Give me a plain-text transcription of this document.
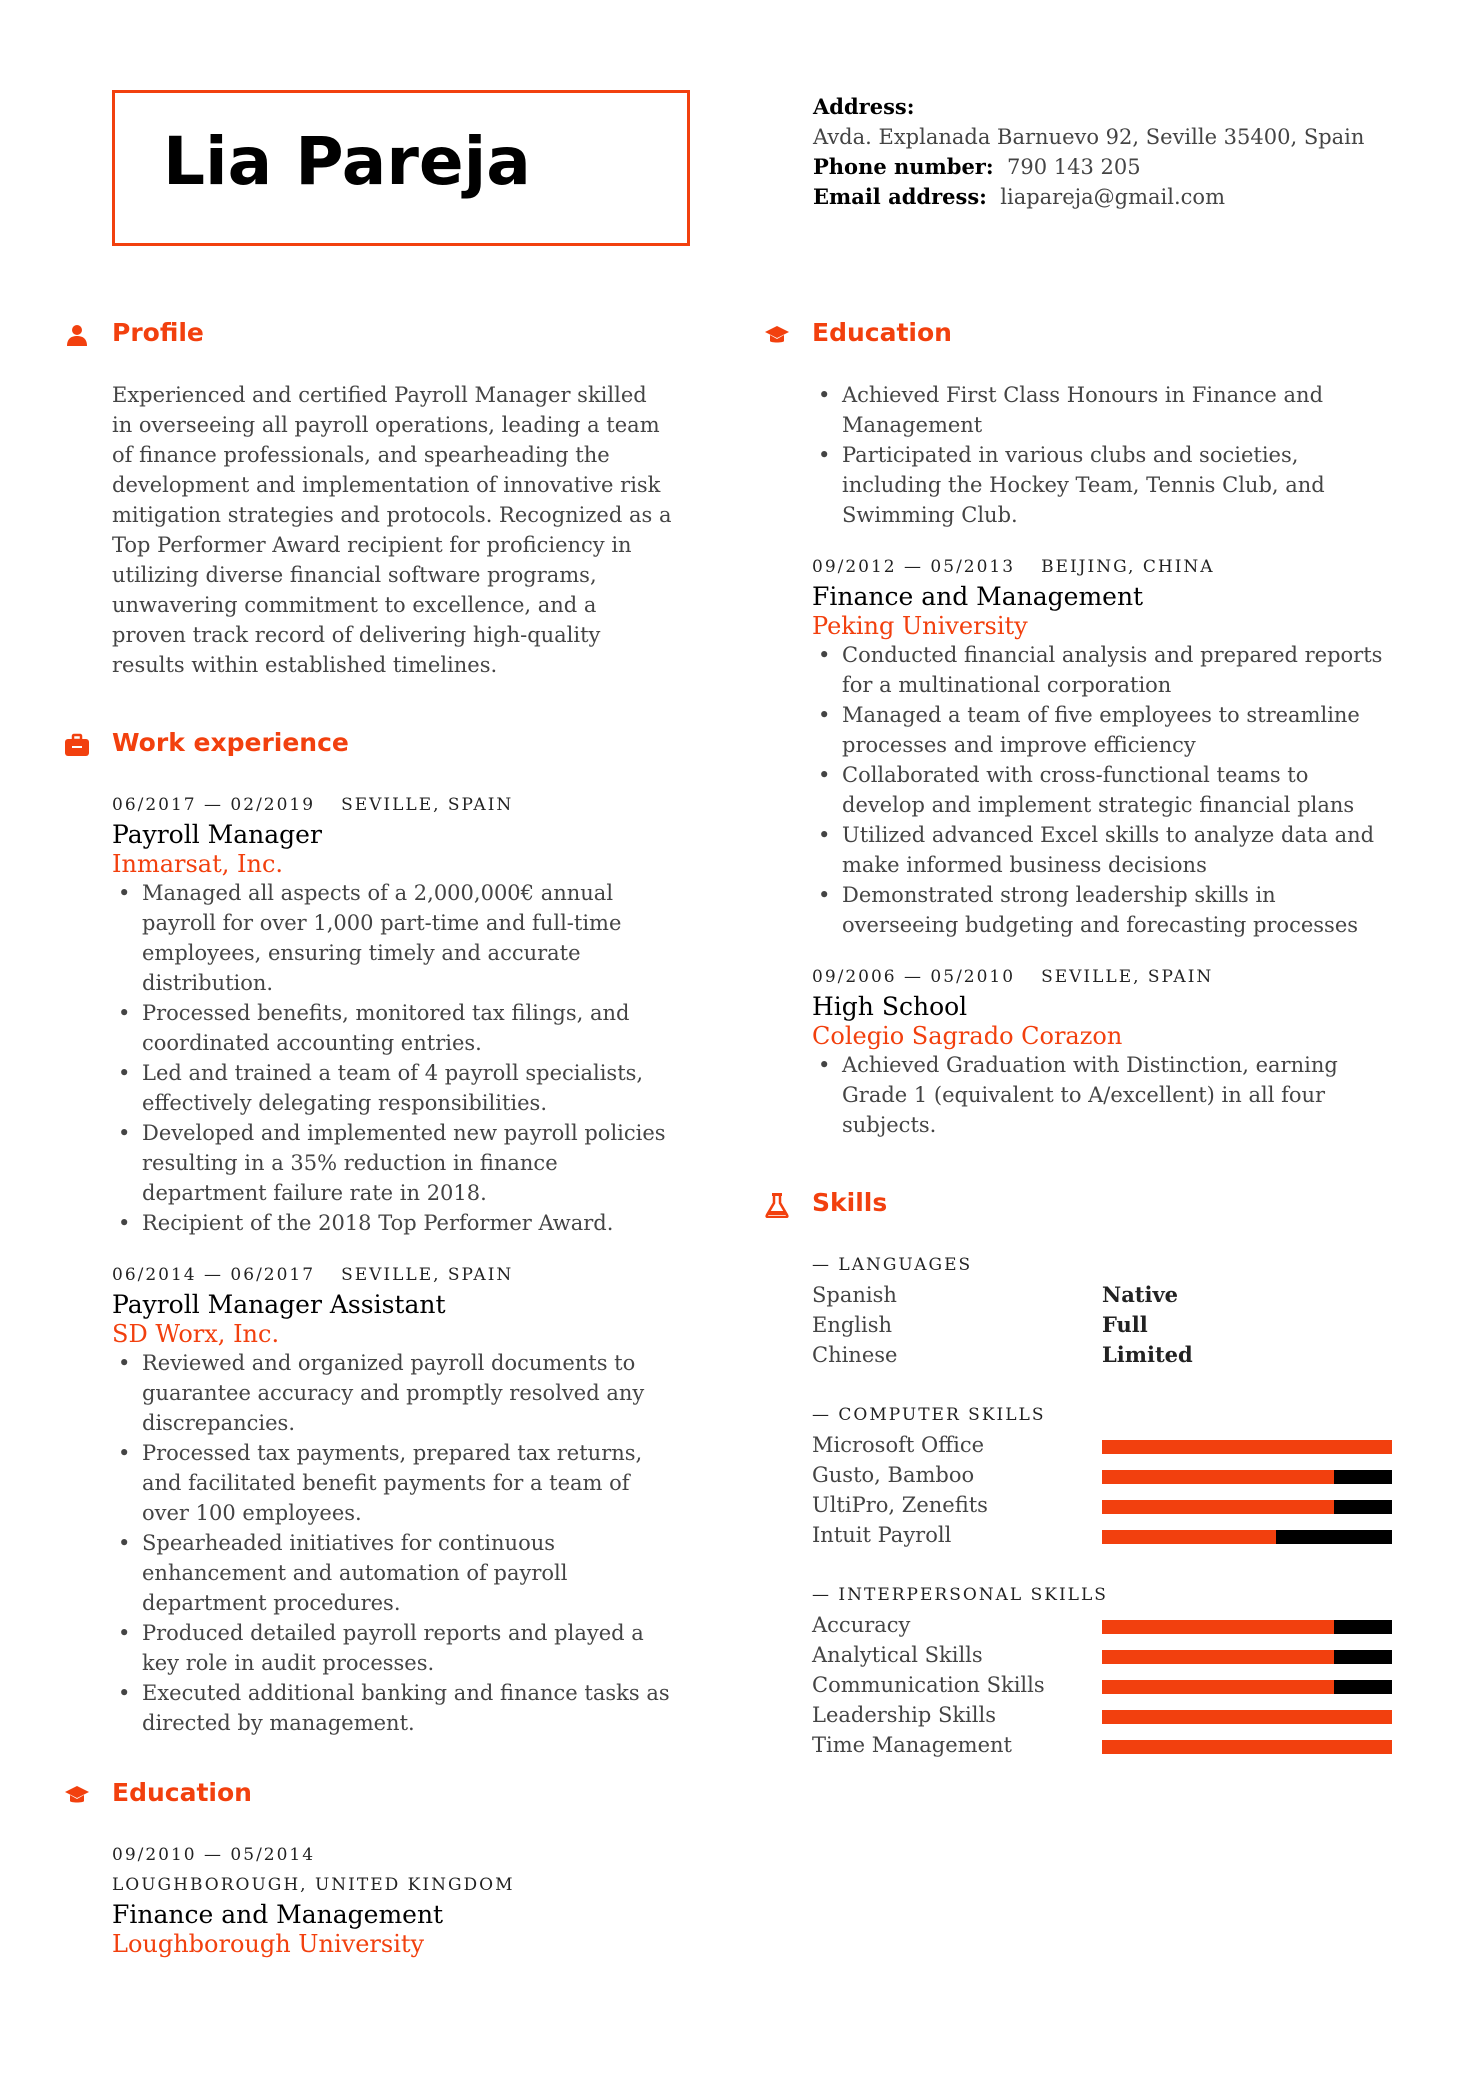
Lia Pareja
Address:
Avda. Explanada Barnuevo 92, Seville 35400, Spain
Phone number: 790 143 205
Email address: liapareja@gmail.com
Profile

Experienced and certified Payroll Manager skilled in overseeing all payroll operations, leading a team of finance professionals, and spearheading the development and implementation of innovative risk mitigation strategies and protocols. Recognized as a Top Performer Award recipient for proficiency in utilizing diverse financial software programs, unwavering commitment to excellence, and a proven track record of delivering high-quality results within established timelines.

Work experience
06/2017 — 02/2019 SEVILLE, SPAIN
Payroll Manager
Inmarsat, Inc.
• Managed all aspects of a 2,000,000€ annual payroll for over 1,000 part-time and full-time employees, ensuring timely and accurate distribution.
• Processed benefits, monitored tax filings, and coordinated accounting entries.
• Led and trained a team of 4 payroll specialists, effectively delegating responsibilities.
• Developed and implemented new payroll policies resulting in a 35% reduction in finance department failure rate in 2018.
• Recipient of the 2018 Top Performer Award.
06/2014 — 06/2017 SEVILLE, SPAIN
Payroll Manager Assistant
SD Worx, Inc.
• Reviewed and organized payroll documents to guarantee accuracy and promptly resolved any discrepancies.
• Processed tax payments, prepared tax returns, and facilitated benefit payments for a team of over 100 employees.
• Spearheaded initiatives for continuous enhancement and automation of payroll department procedures.
• Produced detailed payroll reports and played a key role in audit processes.
• Executed additional banking and finance tasks as directed by management.
Education
09/2010 — 05/2014
LOUGHBOROUGH, UNITED KINGDOM
Finance and Management
Loughborough University
Education
• Achieved First Class Honours in Finance and Management
• Participated in various clubs and societies, including the Hockey Team, Tennis Club, and Swimming Club.
09/2012 — 05/2013 BEIJING, CHINA
Finance and Management
Peking University
• Conducted financial analysis and prepared reports for a multinational corporation
• Managed a team of five employees to streamline processes and improve efficiency
• Collaborated with cross-functional teams to develop and implement strategic financial plans
• Utilized advanced Excel skills to analyze data and make informed business decisions
• Demonstrated strong leadership skills in overseeing budgeting and forecasting processes
09/2006 — 05/2010 SEVILLE, SPAIN
High School
Colegio Sagrado Corazon
• Achieved Graduation with Distinction, earning Grade 1 (equivalent to A/excellent) in all four subjects.
Skills
— LANGUAGES
Spanish	Native
English	Full
Chinese	Limited
— COMPUTER SKILLS
Microsoft Office
Gusto, Bamboo
UltiPro, Zenefits
Intuit Payroll
— INTERPERSONAL SKILLS
Accuracy
Analytical Skills
Communication Skills
Leadership Skills
Time Management
